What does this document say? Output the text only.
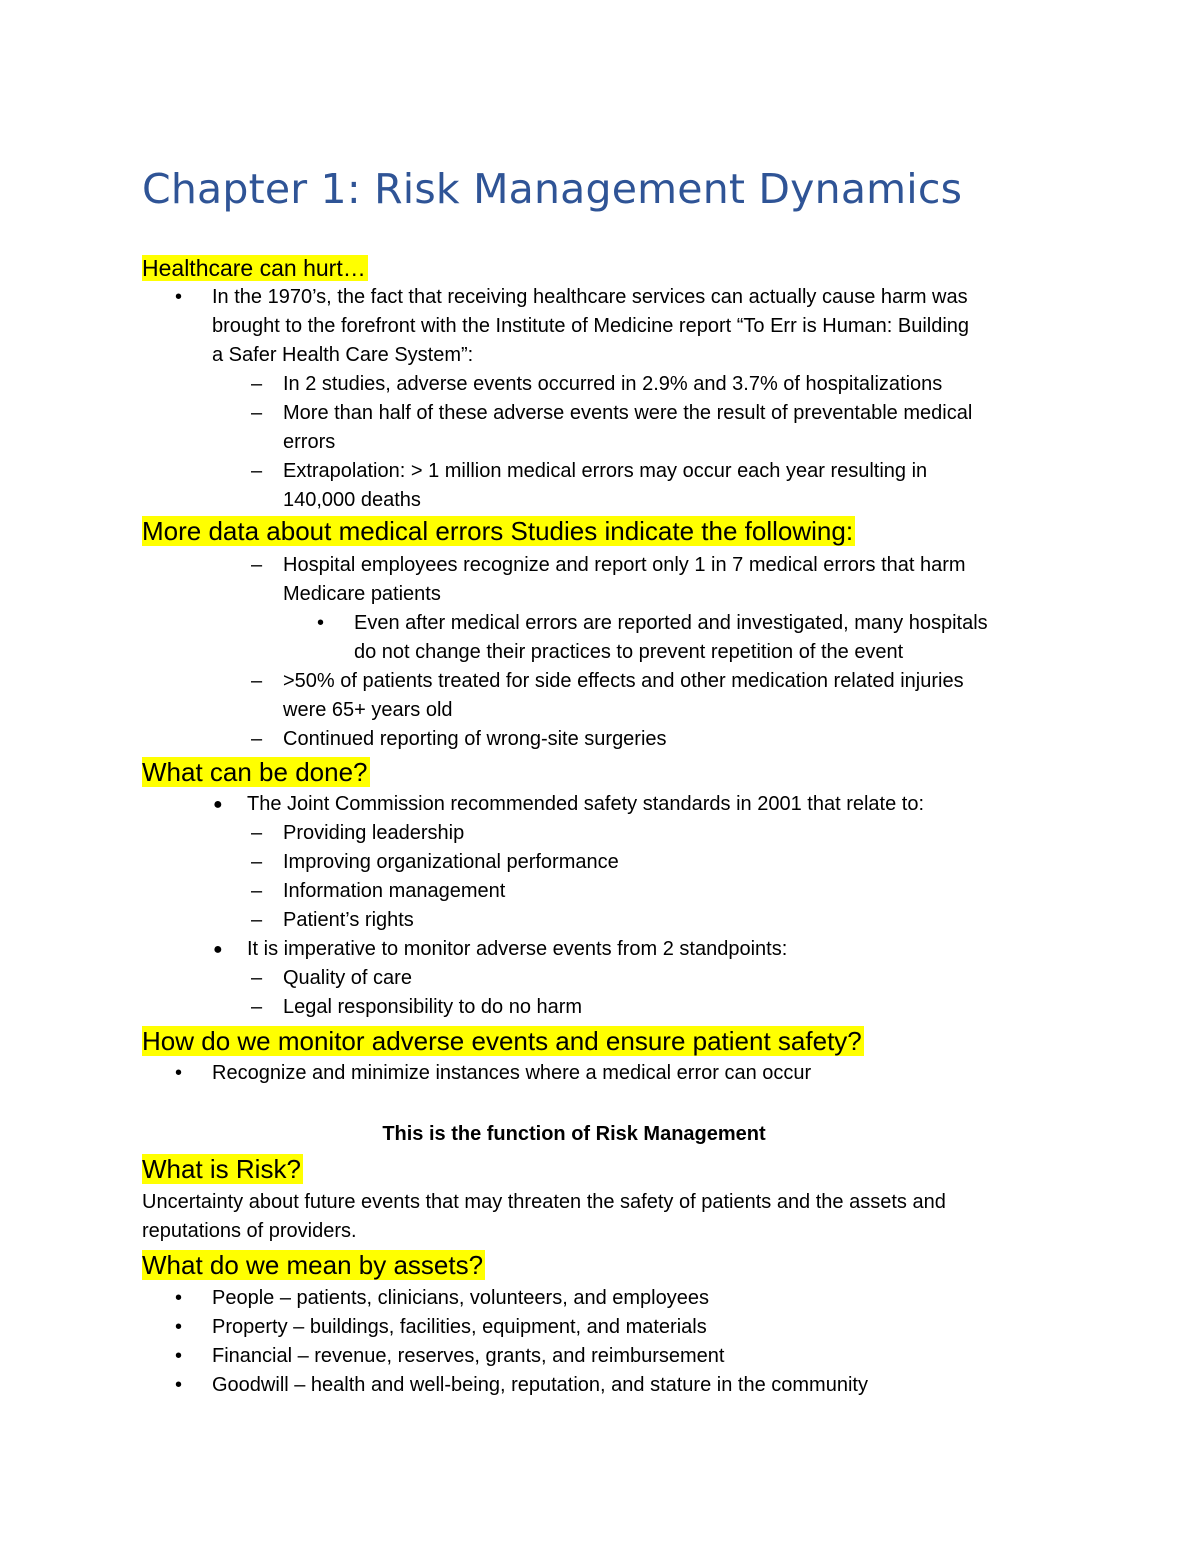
Chapter 1: Risk Management Dynamics
Healthcare can hurt…
• In the 1970’s, the fact that receiving healthcare services can actually cause harm was
brought to the forefront with the Institute of Medicine report “To Err is Human: Building
a Safer Health Care System”:
– In 2 studies, adverse events occurred in 2.9% and 3.7% of hospitalizations
– More than half of these adverse events were the result of preventable medical
errors
– Extrapolation: > 1 million medical errors may occur each year resulting in
140,000 deaths
More data about medical errors Studies indicate the following:
– Hospital employees recognize and report only 1 in 7 medical errors that harm
Medicare patients
• Even after medical errors are reported and investigated, many hospitals
do not change their practices to prevent repetition of the event
– >50% of patients treated for side effects and other medication related injuries
were 65+ years old
– Continued reporting of wrong-site surgeries
What can be done?
● The Joint Commission recommended safety standards in 2001 that relate to:
– Providing leadership
– Improving organizational performance
– Information management
– Patient’s rights
● It is imperative to monitor adverse events from 2 standpoints:
– Quality of care
– Legal responsibility to do no harm
How do we monitor adverse events and ensure patient safety?
• Recognize and minimize instances where a medical error can occur
This is the function of Risk Management
What is Risk?
Uncertainty about future events that may threaten the safety of patients and the assets and
reputations of providers.
What do we mean by assets?
• People – patients, clinicians, volunteers, and employees
• Property – buildings, facilities, equipment, and materials
• Financial – revenue, reserves, grants, and reimbursement
• Goodwill – health and well-being, reputation, and stature in the community
